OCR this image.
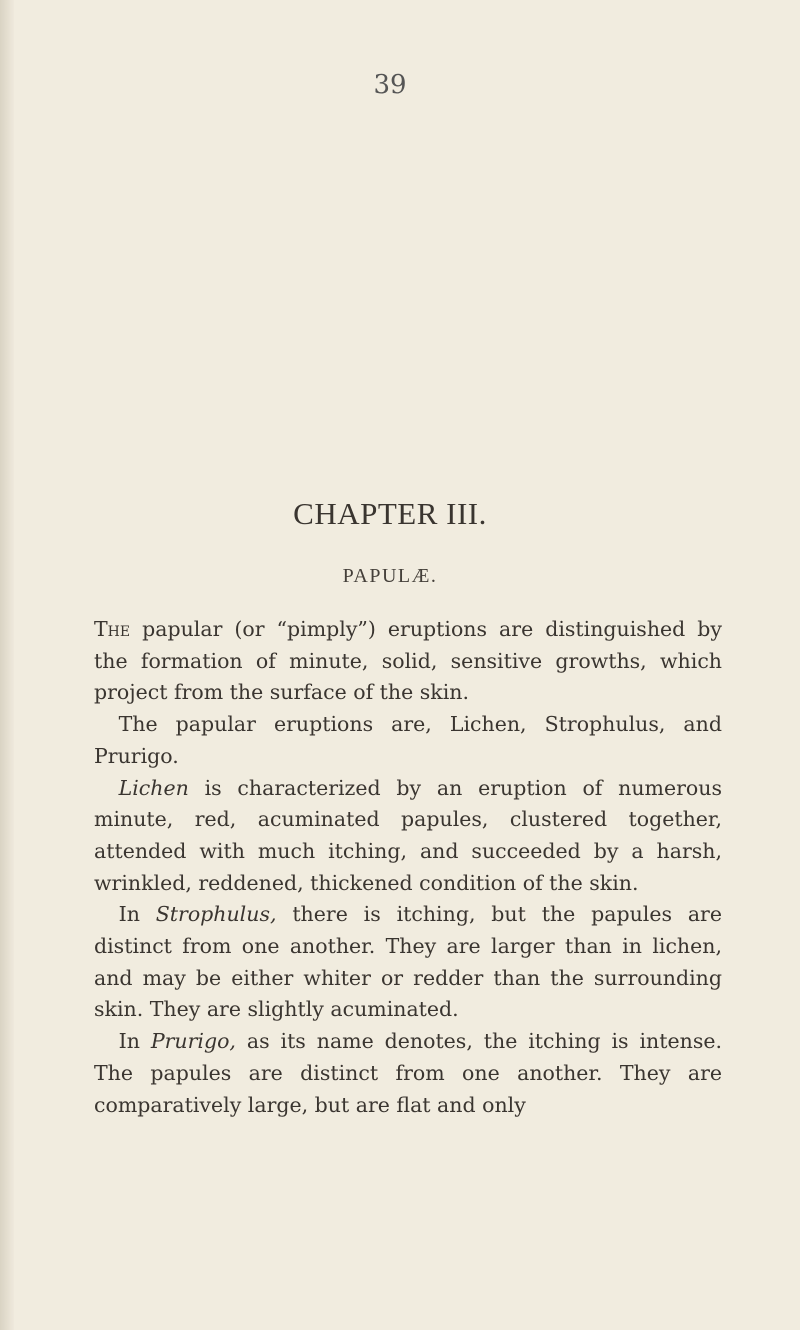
39
CHAPTER III.
PAPULÆ.

The papular (or “pimply”) eruptions are distinguished by the formation of minute, solid, sensitive growths, which project from the surface of the skin.

The papular eruptions are, Lichen, Strophulus, and Prurigo.

Lichen is characterized by an eruption of numerous minute, red, acuminated papules, clustered together, attended with much itching, and succeeded by a harsh, wrinkled, reddened, thickened condition of the skin.

In Strophulus, there is itching, but the papules are distinct from one another. They are larger than in lichen, and may be either whiter or redder than the surrounding skin. They are slightly acuminated.

In Prurigo, as its name denotes, the itching is intense. The papules are distinct from one another. They are comparatively large, but are flat and only
